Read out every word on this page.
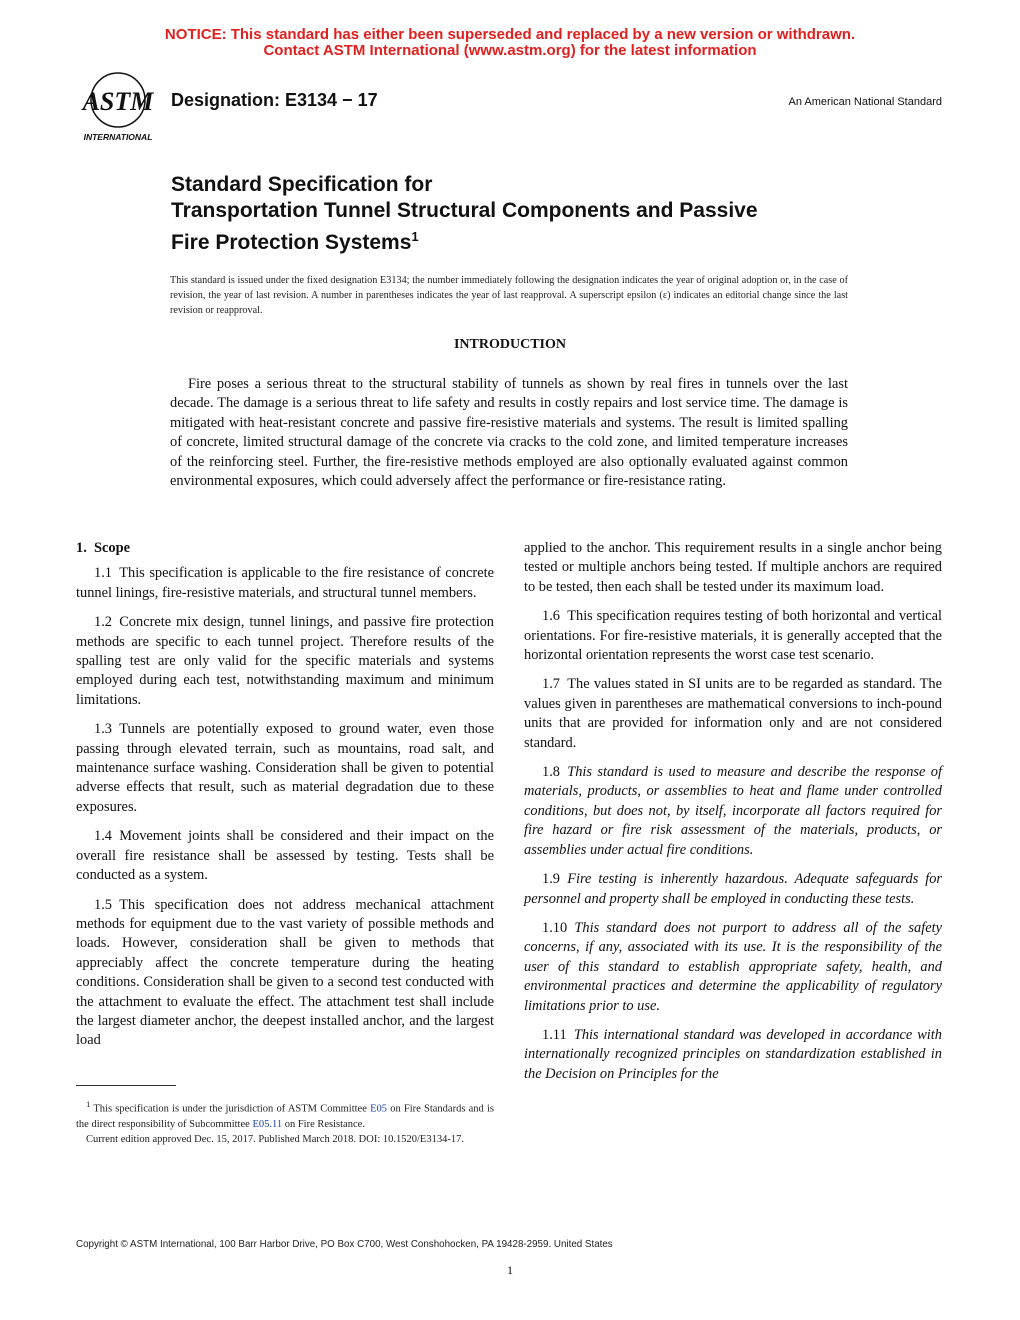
NOTICE: This standard has either been superseded and replaced by a new version or withdrawn.
Contact ASTM International (www.astm.org) for the latest information
ASTM
INTERNATIONAL
Designation: E3134 − 17	An American National Standard
Standard Specification for
Transportation Tunnel Structural Components and Passive
Fire Protection Systems$^1$
This standard is issued under the fixed designation E3134; the number immediately following the designation indicates the year of original adoption or, in the case of revision, the year of last revision. A number in parentheses indicates the year of last reapproval. A superscript epsilon (ε) indicates an editorial change since the last revision or reapproval.
INTRODUCTION
Fire poses a serious threat to the structural stability of tunnels as shown by real fires in tunnels over the last decade. The damage is a serious threat to life safety and results in costly repairs and lost service time. The damage is mitigated with heat-resistant concrete and passive fire-resistive materials and systems. The result is limited spalling of concrete, limited structural damage of the concrete via cracks to the cold zone, and limited temperature increases of the reinforcing steel. Further, the fire-resistive methods employed are also optionally evaluated against common environmental exposures, which could adversely affect the performance or fire-resistance rating.
1. Scope

1.1  This specification is applicable to the fire resistance of concrete tunnel linings, fire-resistive materials, and structural tunnel members.

1.2  Concrete mix design, tunnel linings, and passive fire protection methods are specific to each tunnel project. Therefore results of the spalling test are only valid for the specific materials and systems employed during each test, notwithstanding maximum and minimum limitations.

1.3  Tunnels are potentially exposed to ground water, even those passing through elevated terrain, such as mountains, road salt, and maintenance surface washing. Consideration shall be given to potential adverse effects that result, such as material degradation due to these exposures.

1.4  Movement joints shall be considered and their impact on the overall fire resistance shall be assessed by testing. Tests shall be conducted as a system.

1.5  This specification does not address mechanical attachment methods for equipment due to the vast variety of possible methods and loads. However, consideration shall be given to methods that appreciably affect the concrete temperature during the heating conditions. Consideration shall be given to a second test conducted with the attachment to evaluate the effect. The attachment test shall include the largest diameter anchor, the deepest installed anchor, and the largest load

applied to the anchor. This requirement results in a single anchor being tested or multiple anchors being tested. If multiple anchors are required to be tested, then each shall be tested under its maximum load.

1.6  This specification requires testing of both horizontal and vertical orientations. For fire-resistive materials, it is generally accepted that the horizontal orientation represents the worst case test scenario.

1.7  The values stated in SI units are to be regarded as standard. The values given in parentheses are mathematical conversions to inch-pound units that are provided for information only and are not considered standard.

1.8  This standard is used to measure and describe the response of materials, products, or assemblies to heat and flame under controlled conditions, but does not, by itself, incorporate all factors required for fire hazard or fire risk assessment of the materials, products, or assemblies under actual fire conditions.

1.9  Fire testing is inherently hazardous. Adequate safeguards for personnel and property shall be employed in conducting these tests.

1.10  This standard does not purport to address all of the safety concerns, if any, associated with its use. It is the responsibility of the user of this standard to establish appropriate safety, health, and environmental practices and determine the applicability of regulatory limitations prior to use.

1.11  This international standard was developed in accordance with internationally recognized principles on standardization established in the Decision on Principles for the

$^1$ This specification is under the jurisdiction of ASTM Committee E05 on Fire Standards and is the direct responsibility of Subcommittee E05.11 on Fire Resistance.

Current edition approved Dec. 15, 2017. Published March 2018. DOI: 10.1520/E3134-17.

Copyright © ASTM International, 100 Barr Harbor Drive, PO Box C700, West Conshohocken, PA 19428-2959. United States
1
